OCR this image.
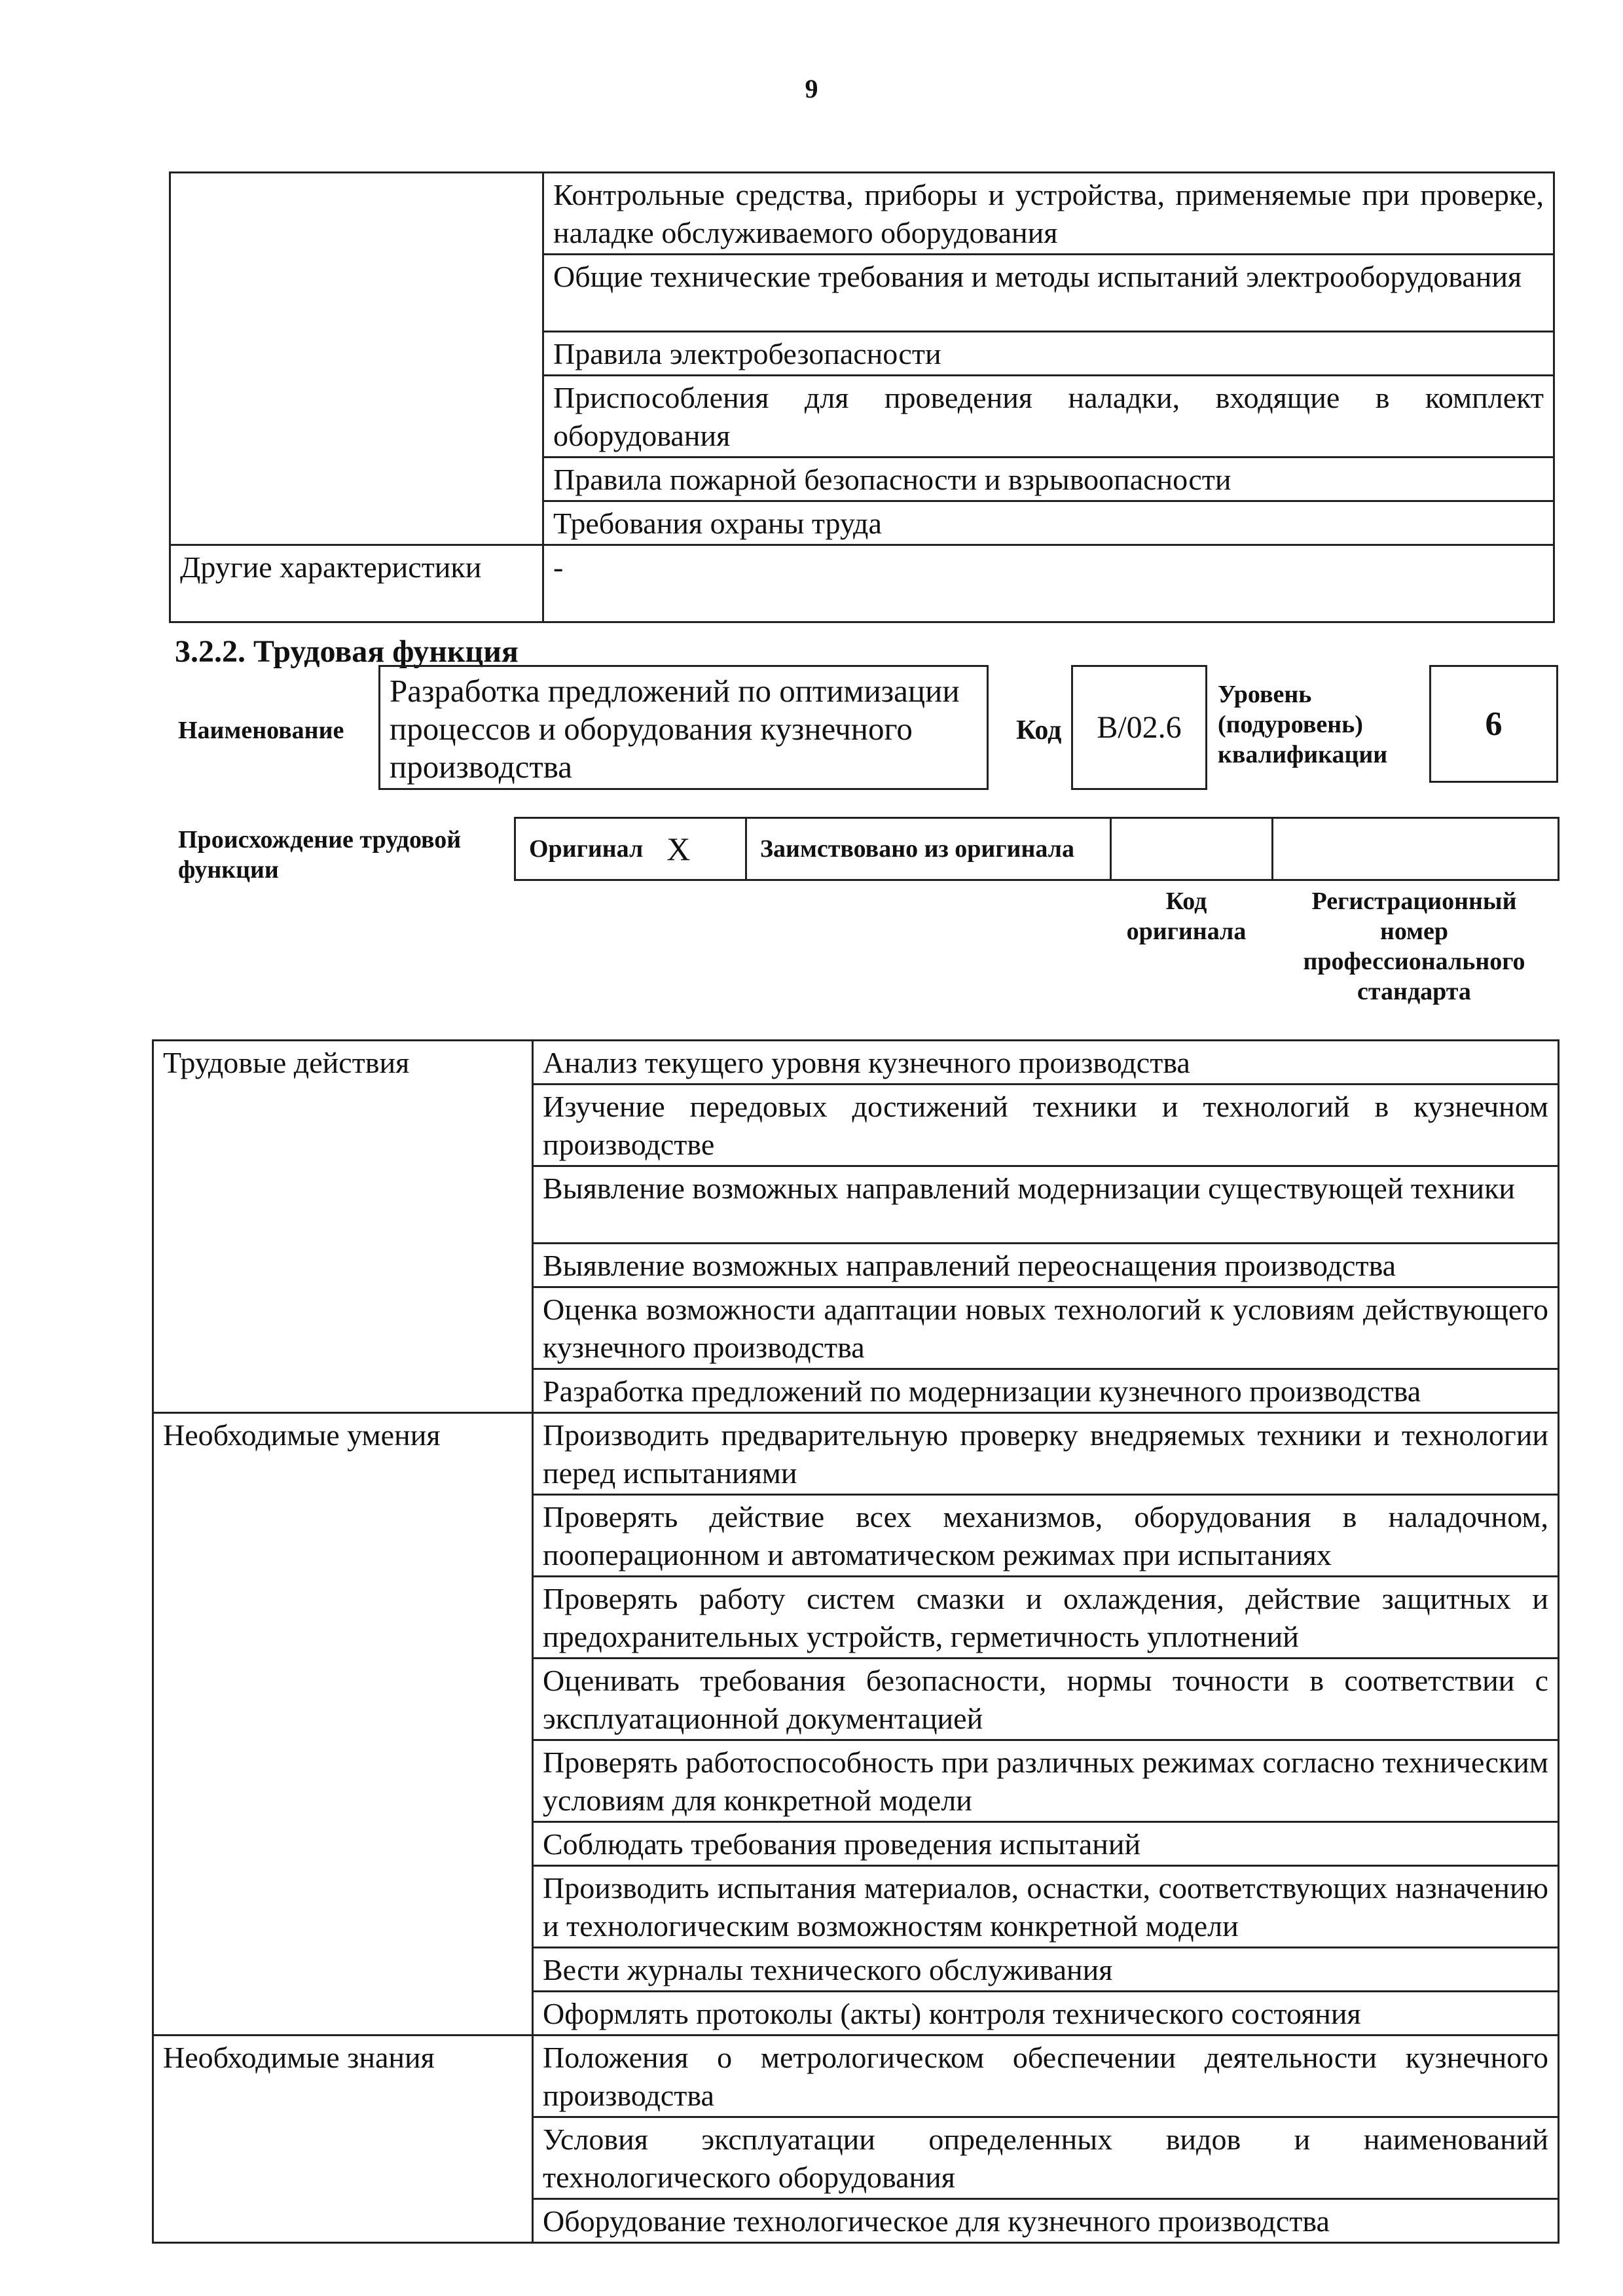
9
	Контрольные средства, приборы и устройства, применяемые при проверке, наладке обслуживаемого оборудования
	Общие технические требования и методы испытаний электрооборудования
	Правила электробезопасности
	Приспособления для проведения наладки, входящие в комплект оборудования
	Правила пожарной безопасности и взрывоопасности
	Требования охраны труда
Другие характеристики	-
3.2.2. Трудовая функция
Наименование
Разработка предложений по оптимизации процессов и оборудования кузнечного производства
Код B/02.6
Уровень (подуровень) квалификации
6
Происхождение трудовой функции
Оригинал X	Заимствовано из оригинала
Код оригинала
Регистрационный номер профессионального стандарта
Трудовые действия	Анализ текущего уровня кузнечного производства
	Изучение передовых достижений техники и технологий в кузнечном производстве
	Выявление возможных направлений модернизации существующей техники
	Выявление возможных направлений переоснащения производства
	Оценка возможности адаптации новых технологий к условиям действующего кузнечного производства
	Разработка предложений по модернизации кузнечного производства
Необходимые умения	Производить предварительную проверку внедряемых техники и технологии перед испытаниями
	Проверять действие всех механизмов, оборудования в наладочном, пооперационном и автоматическом режимах при испытаниях
	Проверять работу систем смазки и охлаждения, действие защитных и предохранительных устройств, герметичность уплотнений
	Оценивать требования безопасности, нормы точности в соответствии с эксплуатационной документацией
	Проверять работоспособность при различных режимах согласно техническим условиям для конкретной модели
	Соблюдать требования проведения испытаний
	Производить испытания материалов, оснастки, соответствующих назначению и технологическим возможностям конкретной модели
	Вести журналы технического обслуживания
	Оформлять протоколы (акты) контроля технического состояния
Необходимые знания	Положения о метрологическом обеспечении деятельности кузнечного производства
	Условия эксплуатации определенных видов и наименований технологического оборудования
	Оборудование технологическое для кузнечного производства
